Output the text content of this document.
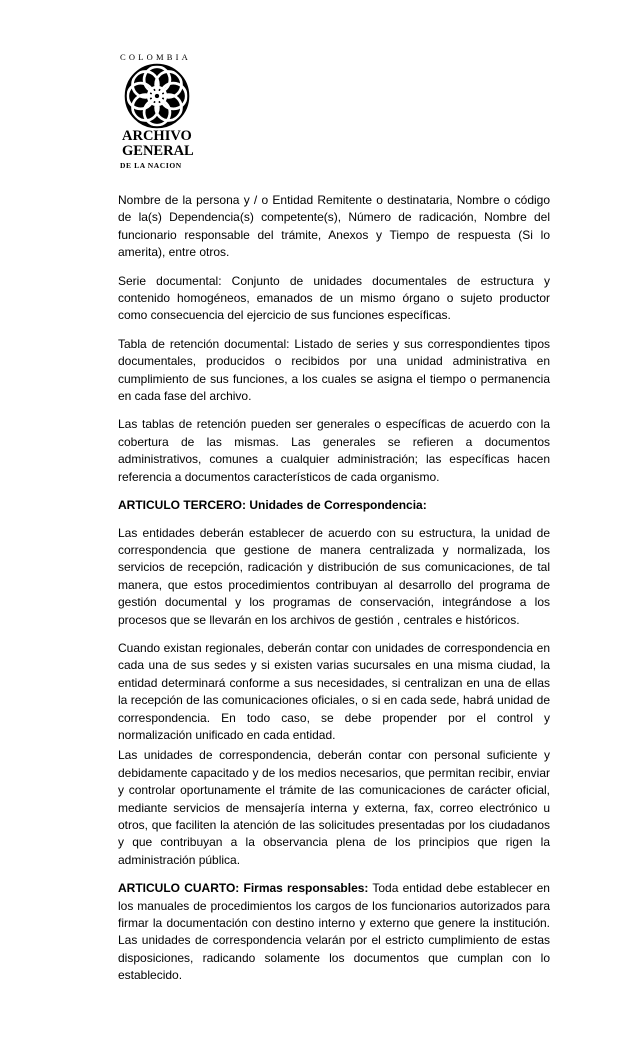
COLOMBIA
ARCHIVO
GENERAL
DE LA NACION

Nombre de la persona y / o Entidad Remitente o destinataria, Nombre o código de la(s) Dependencia(s) competente(s), Número de radicación, Nombre del funcionario responsable del trámite, Anexos y Tiempo de respuesta (Si lo amerita), entre otros.

Serie documental: Conjunto de unidades documentales de estructura y contenido homogéneos, emanados de un mismo órgano o sujeto productor como consecuencia del ejercicio de sus funciones específicas.

Tabla de retención documental: Listado de series y sus correspondientes tipos documentales, producidos o recibidos por una unidad administrativa en cumplimiento de sus funciones, a los cuales se asigna el tiempo o permanencia en cada fase del archivo.

Las tablas de retención pueden ser generales o específicas de acuerdo con la cobertura de las mismas. Las generales se refieren a documentos administrativos, comunes a cualquier administración; las específicas hacen referencia a documentos característicos de cada organismo.

ARTICULO TERCERO: Unidades de Correspondencia:

Las entidades deberán establecer de acuerdo con su estructura, la unidad de correspondencia que gestione de manera centralizada y normalizada, los servicios de recepción, radicación y distribución de sus comunicaciones, de tal manera, que estos procedimientos contribuyan al desarrollo del programa de gestión documental y los programas de conservación, integrándose a los procesos que se llevarán en los archivos de gestión , centrales e históricos.

Cuando existan regionales, deberán contar con unidades de correspondencia en cada una de sus sedes y si existen varias sucursales en una misma ciudad, la entidad determinará conforme a sus necesidades, si centralizan en una de ellas la recepción de las comunicaciones oficiales, o si en cada sede, habrá unidad de correspondencia. En todo caso, se debe propender por el control y normalización unificado en cada entidad.

Las unidades de correspondencia, deberán contar con personal suficiente y debidamente capacitado y de los medios necesarios, que permitan recibir, enviar y controlar oportunamente el trámite de las comunicaciones de carácter oficial, mediante servicios de mensajería interna y externa, fax, correo electrónico u otros, que faciliten la atención de las solicitudes presentadas por los ciudadanos y que contribuyan a la observancia plena de los principios que rigen la administración pública.

ARTICULO CUARTO: Firmas responsables: Toda entidad debe establecer en los manuales de procedimientos los cargos de los funcionarios autorizados para firmar la documentación con destino interno y externo que genere la institución. Las unidades de correspondencia velarán por el estricto cumplimiento de estas disposiciones, radicando solamente los documentos que cumplan con lo establecido.
